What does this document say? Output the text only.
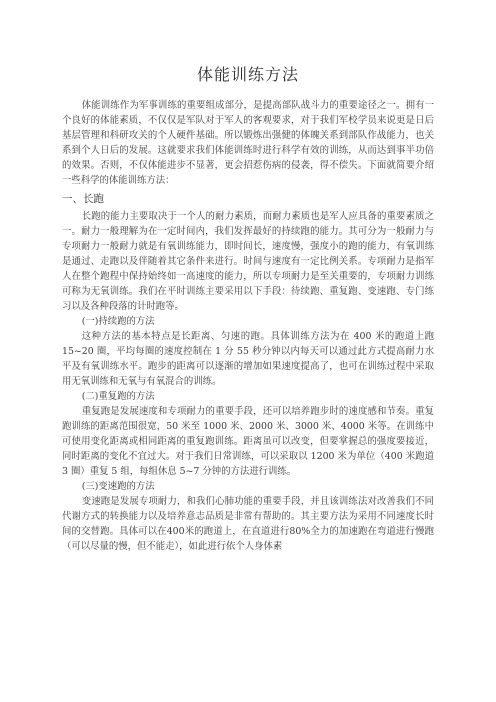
体能训练方法

体能训练作为军事训练的重要组成部分，是提高部队战斗力的重要途径之一。拥有一个良好的体能素质，不仅仅是军队对于军人的客观要求，对于我们军校学员来说更是日后基层管理和科研攻关的个人硬件基础。所以锻炼出强健的体魄关系到部队作战能力，也关系到个人日后的发展。这就要求我们体能训练时进行科学有效的训练，从而达到事半功倍的效果。否则，不仅体能进步不显著，更会招惹伤病的侵袭，得不偿失。下面就简要介绍一些科学的体能训练方法：

一、长跑

长跑的能力主要取决于一个人的耐力素质，而耐力素质也是军人应具备的重要素质之一。耐力一般理解为在一定时间内，我们发挥最好的持续跑的能力。其可分为一般耐力与专项耐力一般耐力就是有氧训练能力，即时间长，速度慢，强度小的跑的能力，有氧训练是通过、走跑以及伴随着其它条件来进行。时间与速度有一定比例关系。专项耐力是指军人在整个跑程中保持始终如一高速度的能力，所以专项耐力是至关重要的，专项耐力训练可称为无氧训练。我们在平时训练主要采用以下手段：待续跑、重复跑、变速跑、专门练习以及各种段落的计时跑等。

(一)持续跑的方法

这种方法的基本特点是长距离、匀速的跑。具体训练方法为在 400 米的跑道上跑 15~20 圈，平均每圈的速度控制在 1 分 55 秒分钟以内每天可以通过此方式提高耐力水平及有氧训练水平。跑步的距离可以逐渐的增加如果速度提高了，也可在训练过程中采取用无氧训练和无氧与有氧混合的训练。

(二)重复跑的方法

重复跑是发展速度和专项耐力的重要手段，还可以培养跑步时的速度感和节奏。重复跑训练的距离范围很宽，50 米至 1000 米、2000 米、3000 米、4000 米等。在训练中可使用变化距离或相同距离的重复跑训练。距离虽可以改变，但要掌握总的强度要接近，同时距离的变化不宜过大。对于我们日常训练，可以采取以 1200 米为单位（400 米跑道 3 圈）重复 5 组，每组休息 5~7 分钟的方法进行训练。

(三)变速跑的方法

变速跑是发展专项耐力，和我们心肺功能的重要手段，并且该训练法对改善我们不同代谢方式的转换能力以及培养意志品质是非常有帮助的。其主要方法为采用不同速度长时间的交替跑。具体可以在400米的跑道上，在直道进行80%全力的加速跑在弯道进行慢跑（可以尽量的慢，但不能走），如此进行依个人身体素
